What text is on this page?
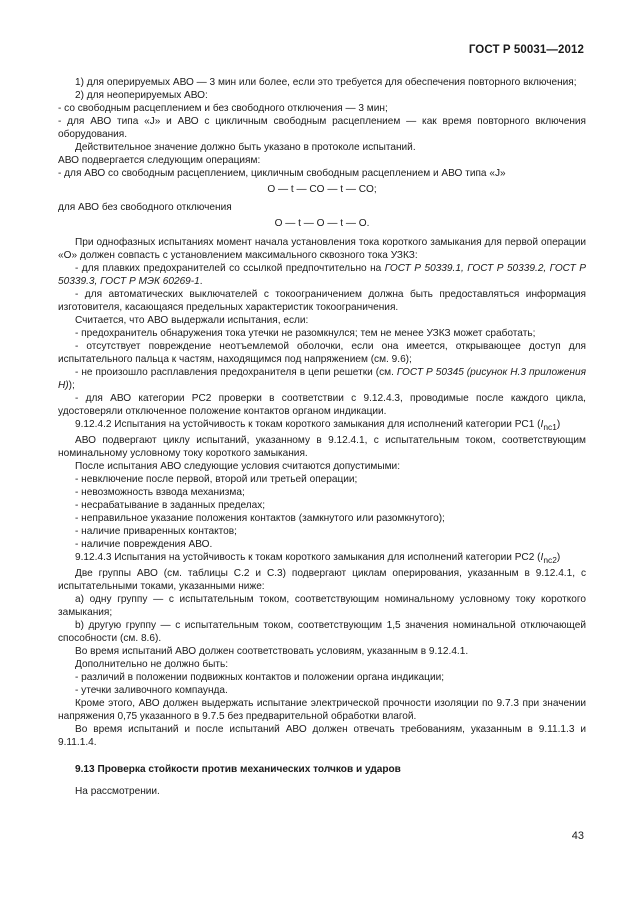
ГОСТ Р 50031—2012

1) для оперируемых АВО — 3 мин или более, если это требуется для обеспечения повторного включения;

2) для неоперируемых АВО:

- со свободным расцеплением и без свободного отключения — 3 мин;

- для АВО типа «J» и АВО с цикличным свободным расцеплением — как время повторного включения оборудования.

Действительное значение должно быть указано в протоколе испытаний.

АВО подвергается следующим операциям:

- для АВО со свободным расцеплением, цикличным свободным расцеплением и АВО типа «J»

O — t — CO — t — CO;

для АВО без свободного отключения

O — t — O — t — O.

При однофазных испытаниях момент начала установления тока короткого замыкания для первой операции «О» должен совпасть с установлением максимального сквозного тока УЗКЗ:

- для плавких предохранителей со ссылкой предпочтительно на ГОСТ Р 50339.1, ГОСТ Р 50339.2, ГОСТ Р 50339.3, ГОСТ Р МЭК 60269-1.

- для автоматических выключателей с токоограничением должна быть предоставляться информация изготовителя, касающаяся предельных характеристик токоограничения.

Считается, что АВО выдержали испытания, если:

- предохранитель обнаружения тока утечки не разомкнулся; тем не менее УЗКЗ может сработать;

- отсутствует повреждение неотъемлемой оболочки, если она имеется, открывающее доступ для испытательного пальца к частям, находящимся под напряжением (см. 9.6);

- не произошло расплавления предохранителя в цепи решетки (см. ГОСТ Р 50345 (рисунок Н.3 приложения Н));

- для АВО категории PC2 проверки в соответствии с 9.12.4.3, проводимые после каждого цикла, удостоверяли отключенное положение контактов органом индикации.

9.12.4.2 Испытания на устойчивость к токам короткого замыкания для исполнений категории PC1 $(I_{nc1})$

АВО подвергают циклу испытаний, указанному в 9.12.4.1, с испытательным током, соответствующим номинальному условному току короткого замыкания.

После испытания АВО следующие условия считаются допустимыми:

- невключение после первой, второй или третьей операции;

- невозможность взвода механизма;

- несрабатывание в заданных пределах;

- неправильное указание положения контактов (замкнутого или разомкнутого);

- наличие приваренных контактов;

- наличие повреждения АВО.

9.12.4.3 Испытания на устойчивость к токам короткого замыкания для исполнений категории PC2 $(I_{nc2})$

Две группы АВО (см. таблицы С.2 и С.3) подвергают циклам оперирования, указанным в 9.12.4.1, с испытательными токами, указанными ниже:

a) одну группу — с испытательным током, соответствующим номинальному условному току короткого замыкания;

b) другую группу — с испытательным током, соответствующим 1,5 значения номинальной отключающей способности (см. 8.6).

Во время испытаний АВО должен соответствовать условиям, указанным в 9.12.4.1.

Дополнительно не должно быть:

- различий в положении подвижных контактов и положении органа индикации;

- утечки заливочного компаунда.

Кроме этого, АВО должен выдержать испытание электрической прочности изоляции по 9.7.3 при значении напряжения 0,75 указанного в 9.7.5 без предварительной обработки влагой.

Во время испытаний и после испытаний АВО должен отвечать требованиям, указанным в 9.11.1.3 и 9.11.1.4.

9.13 Проверка стойкости против механических толчков и ударов

На рассмотрении.

43
